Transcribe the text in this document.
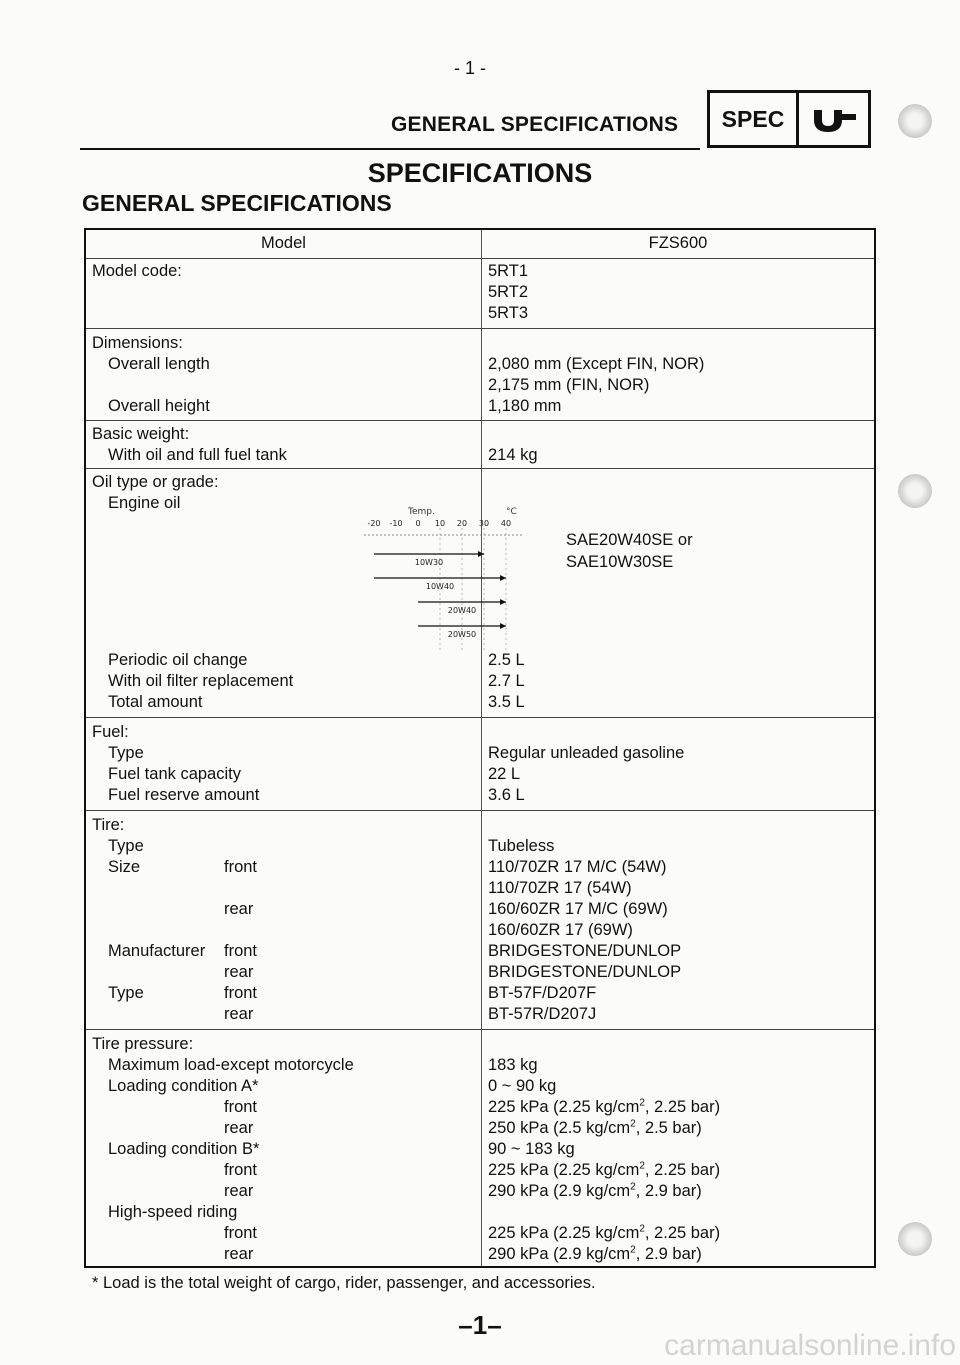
- 1 -
GENERAL SPECIFICATIONS	SPEC
SPECIFICATIONS
GENERAL SPECIFICATIONS
Model	FZS600
Model code:	5RT1
5RT2
5RT3
Dimensions:
Overall length	2,080 mm (Except FIN, NOR)
2,175 mm (FIN, NOR)
Overall height	1,180 mm
Basic weight:
With oil and full fuel tank	214 kg
Oil type or grade:
Engine oil
SAE20W40SE or
SAE10W30SE
Temp.	°C
-20 -10 0 10 20 30 40
10W30
10W40
20W40
20W50
Periodic oil change	2.5 L
With oil filter replacement	2.7 L
Total amount	3.5 L
Fuel:
Type	Regular unleaded gasoline
Fuel tank capacity	22 L
Fuel reserve amount	3.6 L
Tire:
Type	Tubeless
Size	front	110/70ZR 17 M/C (54W)
110/70ZR 17 (54W)
rear	160/60ZR 17 M/C (69W)
160/60ZR 17 (69W)
Manufacturer front	BRIDGESTONE/DUNLOP
rear	BRIDGESTONE/DUNLOP
Type	front	BT-57F/D207F
rear	BT-57R/D207J
Tire pressure:
Maximum load-except motorcycle	183 kg
Loading condition A*	0 ~ 90 kg
front	225 kPa (2.25 $kg/cm^2$, 2.25 bar)
rear	250 kPa (2.5 $kg/cm^2$, 2.5 bar)
Loading condition B*	90 ~ 183 kg
front	225 kPa (2.25 $kg/cm^2$, 2.25 bar)
rear	290 kPa (2.9 $kg/cm^2$, 2.9 bar)
High-speed riding
front	225 kPa (2.25 $kg/cm^2$, 2.25 bar)
rear	290 kPa (2.9 $kg/cm^2$, 2.9 bar)
* Load is the total weight of cargo, rider, passenger, and accessories.
–1–
carmanualsonline.info
